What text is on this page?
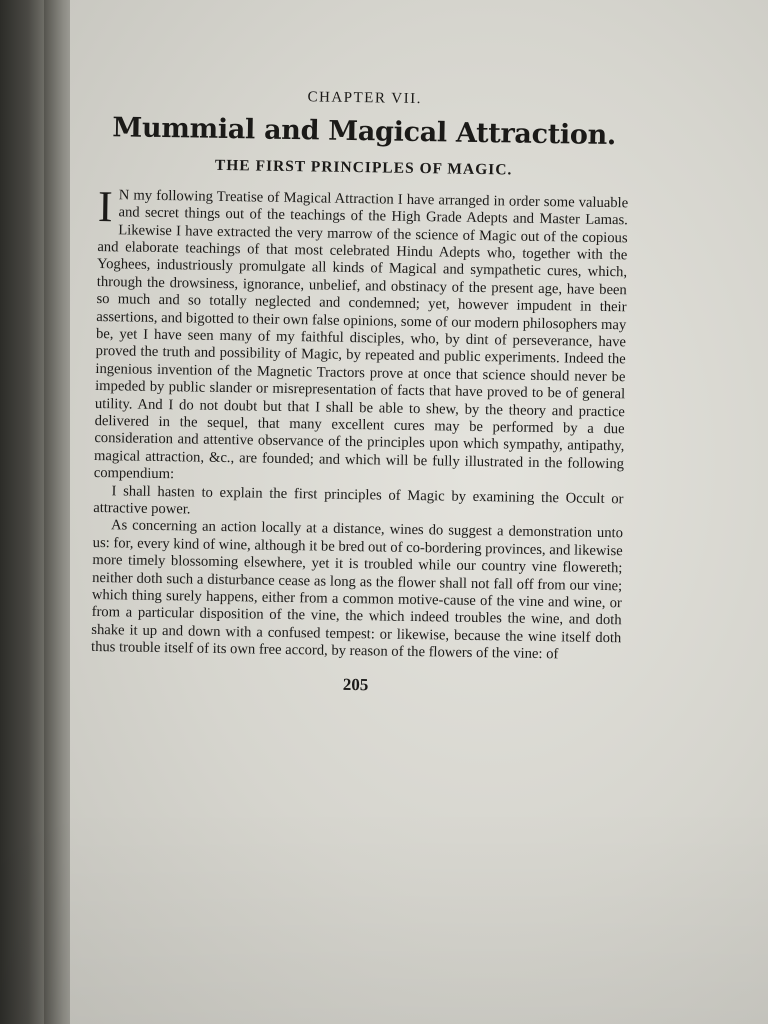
CHAPTER VII.
Mummial and Magical Attraction.
THE FIRST PRINCIPLES OF MAGIC.

I N my following Treatise of Magical Attraction I have arranged in order some valuable and secret things out of the teachings of the High Grade Adepts and Master Lamas. Likewise I have extracted the very marrow of the science of Magic out of the copious and elaborate teachings of that most celebrated Hindu Adepts who, together with the Yoghees, industriously promulgate all kinds of Magical and sympathetic cures, which, through the drowsiness, ignorance, unbelief, and obstinacy of the present age, have been so much and so totally neglected and condemned; yet, however impudent in their assertions, and bigotted to their own false opinions, some of our modern philosophers may be, yet I have seen many of my faithful disciples, who, by dint of perseverance, have proved the truth and possibility of Magic, by repeated and public experiments. Indeed the ingenious invention of the Magnetic Tractors prove at once that science should never be impeded by public slander or misrepresentation of facts that have proved to be of general utility. And I do not doubt but that I shall be able to shew, by the theory and practice delivered in the sequel, that many excellent cures may be performed by a due consideration and attentive observance of the principles upon which sympathy, antipathy, magical attraction, &c., are founded; and which will be fully illustrated in the following compendium:

I shall hasten to explain the first principles of Magic by examining the Occult or attractive power.

As concerning an action locally at a distance, wines do suggest a demonstration unto us: for, every kind of wine, although it be bred out of co-bordering provinces, and likewise more timely blossoming elsewhere, yet it is troubled while our country vine flowereth; neither doth such a disturbance cease as long as the flower shall not fall off from our vine; which thing surely happens, either from a common motive-cause of the vine and wine, or from a particular disposition of the vine, the which indeed troubles the wine, and doth shake it up and down with a confused tempest: or likewise, because the wine itself doth thus trouble itself of its own free accord, by reason of the flowers of the vine: of

205
